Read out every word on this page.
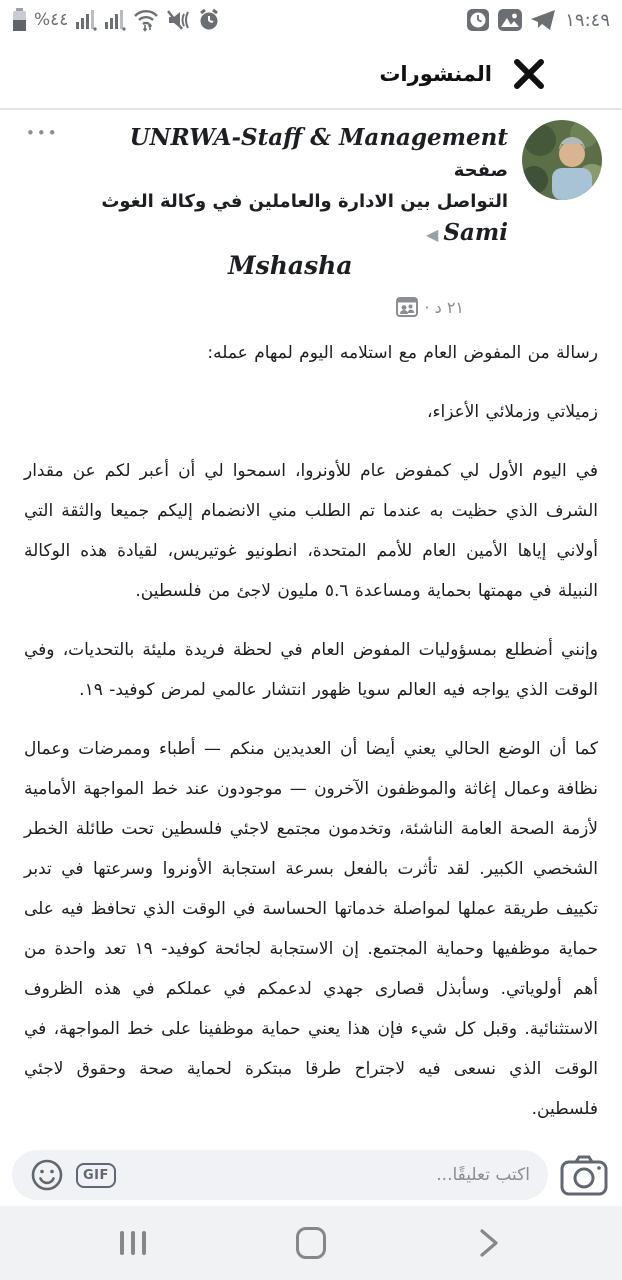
%٤٤	١٩:٤٩
المنشورات
UNRWA-Staff & Management صفحة
التواصل بين الادارة والعاملين في وكالة الغوث Sami ◀
Mshasha
•••
٢١ د ·

رسالة من المفوض العام مع استلامه اليوم لمهام عمله:

زميلاتي وزملائي الأعزاء،

في اليوم الأول لي كمفوض عام للأونروا، اسمحوا لي أن أعبر لكم عن مقدار الشرف الذي حظيت به عندما تم الطلب مني الانضمام إليكم جميعا والثقة التي أولاني إياها الأمين العام للأمم المتحدة، انطونيو غوتيريس، لقيادة هذه الوكالة النبيلة في مهمتها بحماية ومساعدة ٥.٦ مليون لاجئ من فلسطين.

وإنني أضطلع بمسؤوليات المفوض العام في لحظة فريدة مليئة بالتحديات، وفي الوقت الذي يواجه فيه العالم سويا ظهور انتشار عالمي لمرض كوفيد- ١٩.

كما أن الوضع الحالي يعني أيضا أن العديدين منكم — أطباء وممرضات وعمال نظافة وعمال إغاثة والموظفون الآخرون — موجودون عند خط المواجهة الأمامية لأزمة الصحة العامة الناشئة، وتخدمون مجتمع لاجئي فلسطين تحت طائلة الخطر الشخصي الكبير. لقد تأثرت بالفعل بسرعة استجابة الأونروا وسرعتها في تدبر تكييف طريقة عملها لمواصلة خدماتها الحساسة في الوقت الذي تحافظ فيه على حماية موظفيها وحماية المجتمع. إن الاستجابة لجائحة كوفيد- ١٩ تعد واحدة من أهم أولوياتي. وسأبذل قصارى جهدي لدعمكم في عملكم في هذه الظروف الاستثنائية. وقبل كل شيء فإن هذا يعني حماية موظفينا على خط المواجهة، في الوقت الذي نسعى فيه لاجتراح طرقا مبتكرة لحماية صحة وحقوق لاجئي فلسطين.

اكتب تعليقًا...
GIF
